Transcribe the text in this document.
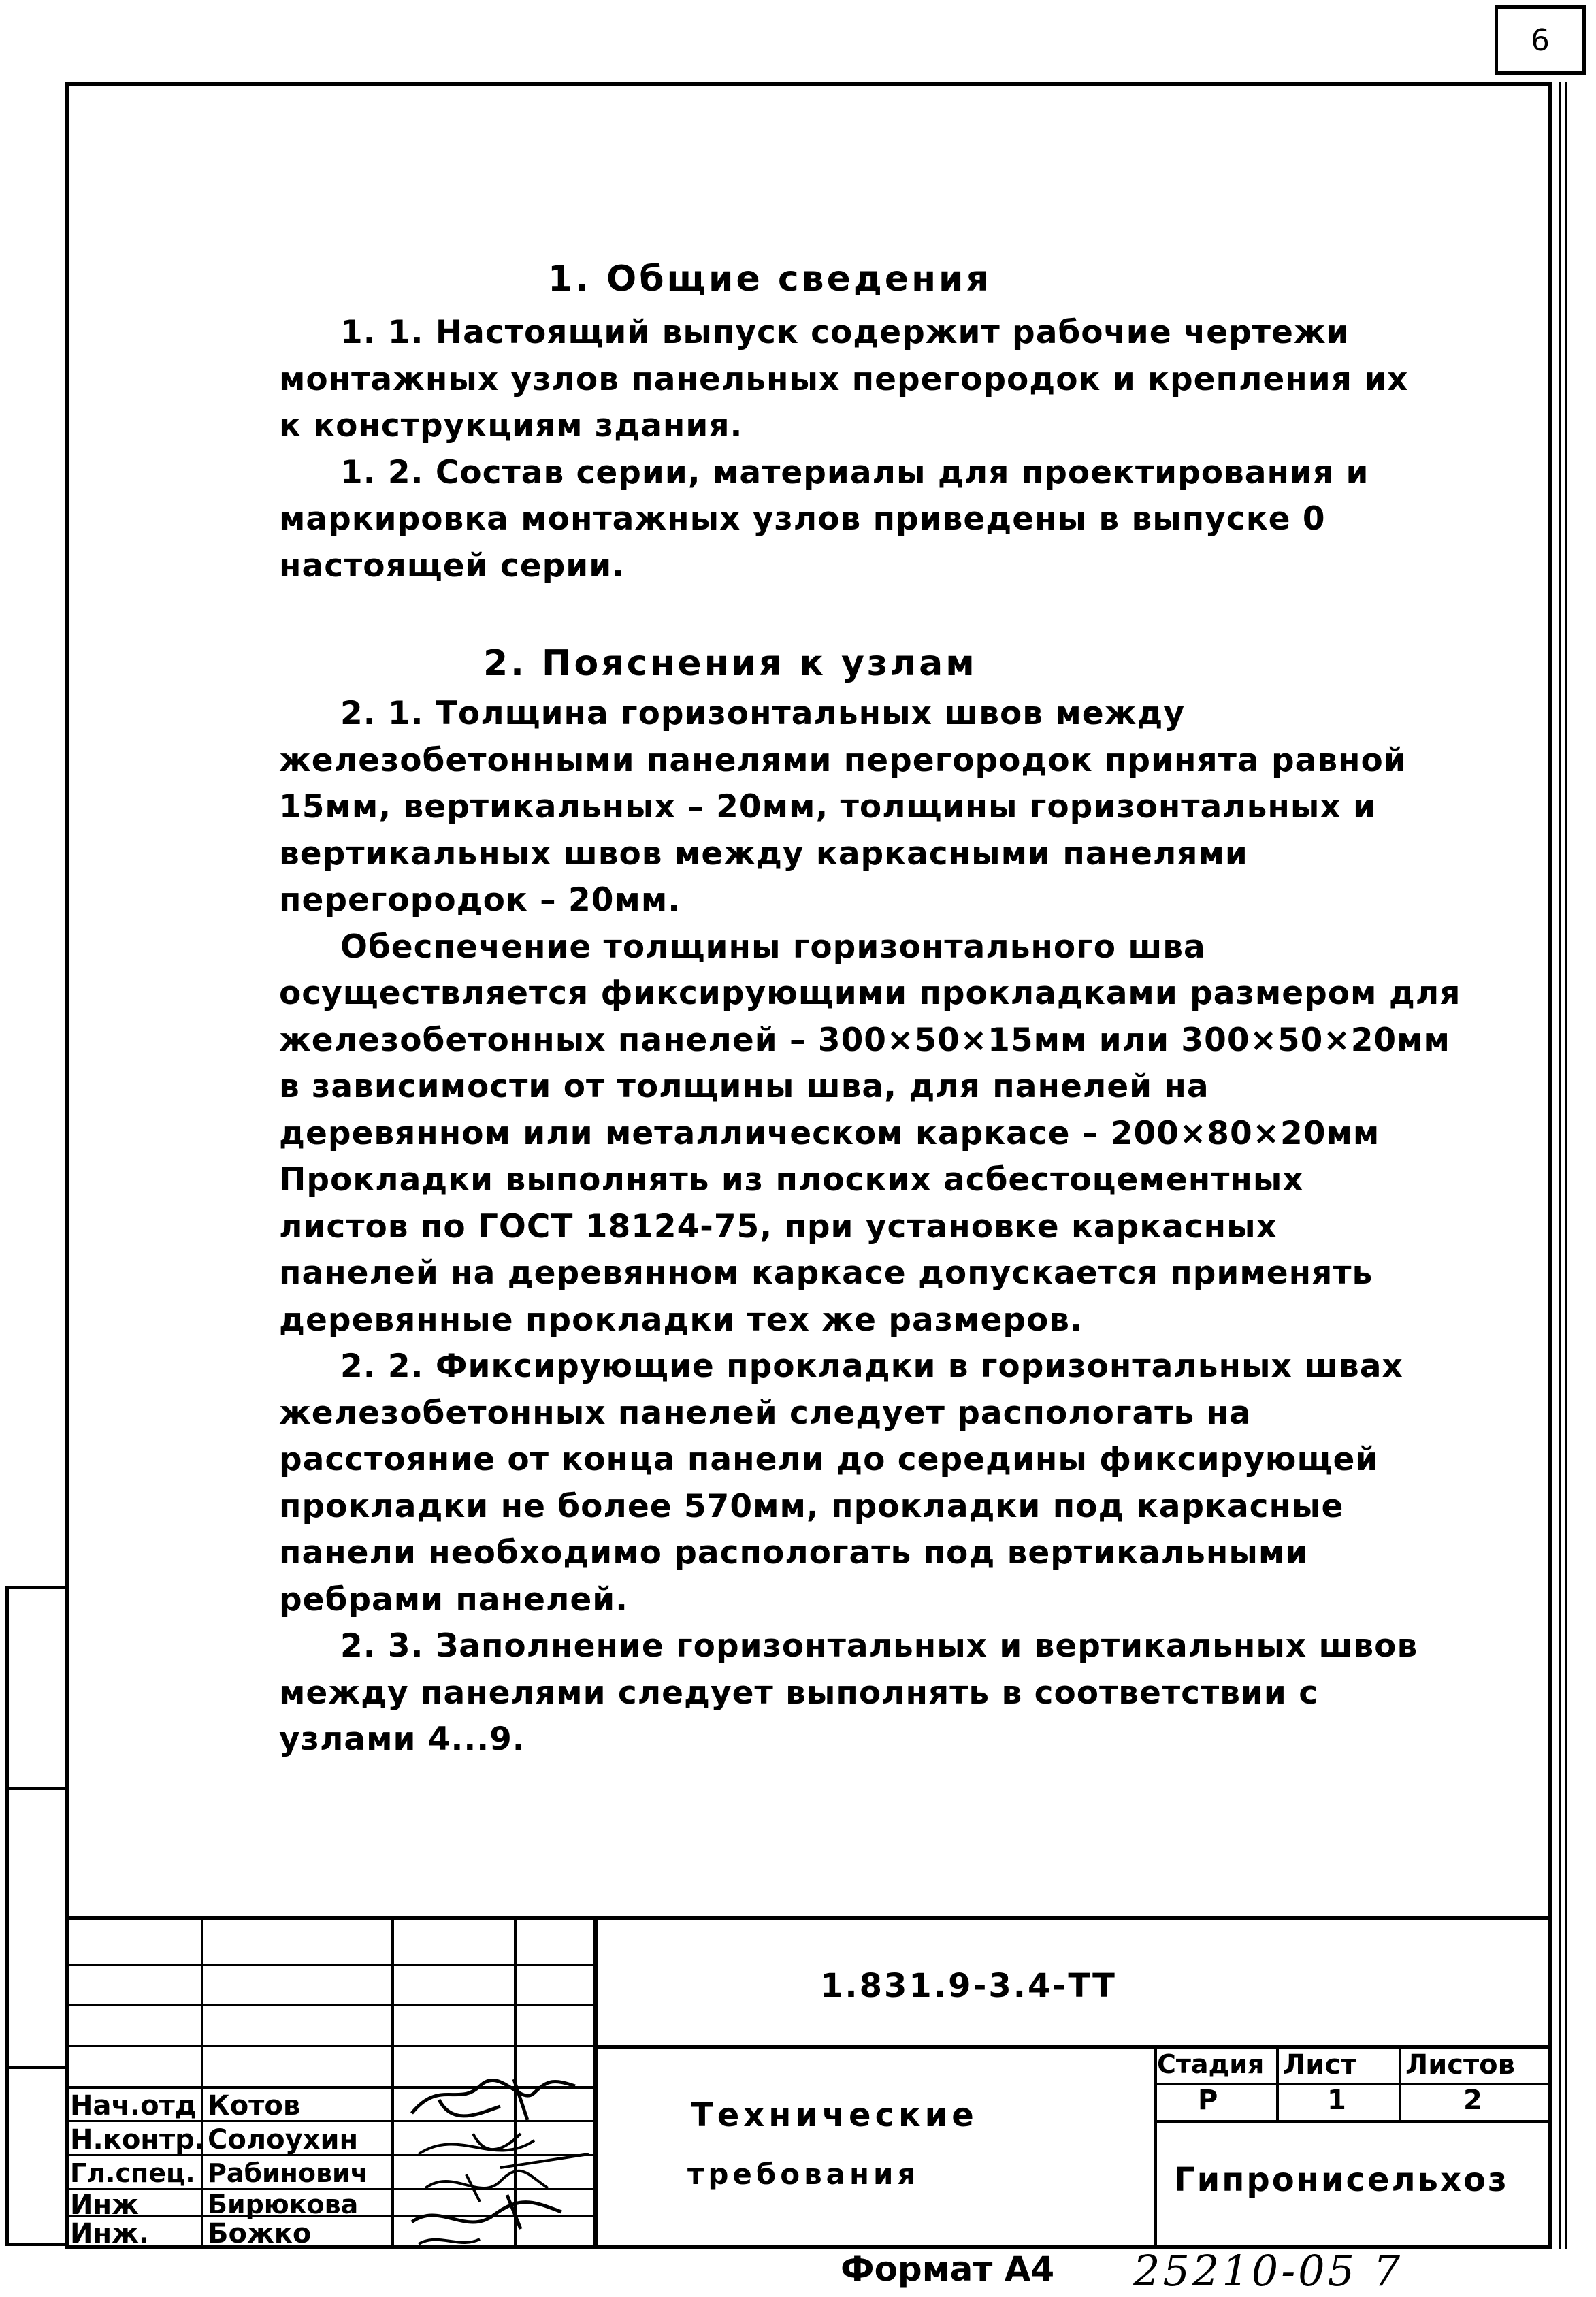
6
1. Общие сведения

1. 1. Настоящий выпуск содержит рабочие чертежи
монтажных узлов панельных перегородок и крепления их
к конструкциям здания.

1. 2. Состав серии, материалы для проектирования и
маркировка монтажных узлов приведены в выпуске 0
настоящей серии.

2. Пояснения к узлам

2. 1. Толщина горизонтальных швов между
железобетонными панелями перегородок принята равной
15мм, вертикальных – 20мм, толщины горизонтальных и
вертикальных швов между каркасными панелями
перегородок – 20мм.

Обеспечение толщины горизонтального шва
осуществляется фиксирующими прокладками размером для
железобетонных панелей – 300×50×15мм или 300×50×20мм
в зависимости от толщины шва, для панелей на
деревянном или металлическом каркасе – 200×80×20мм
Прокладки выполнять из плоских асбестоцементных
листов по ГОСТ 18124-75, при установке каркасных
панелей на деревянном каркасе допускается применять
деревянные прокладки тех же размеров.

2. 2. Фиксирующие прокладки в горизонтальных швах
железобетонных панелей следует распологать на
расстояние от конца панели до середины фиксирующей
прокладки не более 570мм, прокладки под каркасные
панели необходимо распологать под вертикальными
ребрами панелей.

2. 3. Заполнение горизонтальных и вертикальных швов
между панелями следует выполнять в соответствии с
узлами 4...9.

1.831.9-3.4-ТТ
Технические
требования
Стадия Лист Листов
Р	1	2
Гипронисельхоз
Нач.отд Котов
Н.контр. Солоухин
Гл.спец. Рабинович
Инж	Бирюкова
Инж. Божко
Формат А4 25210-05 7
